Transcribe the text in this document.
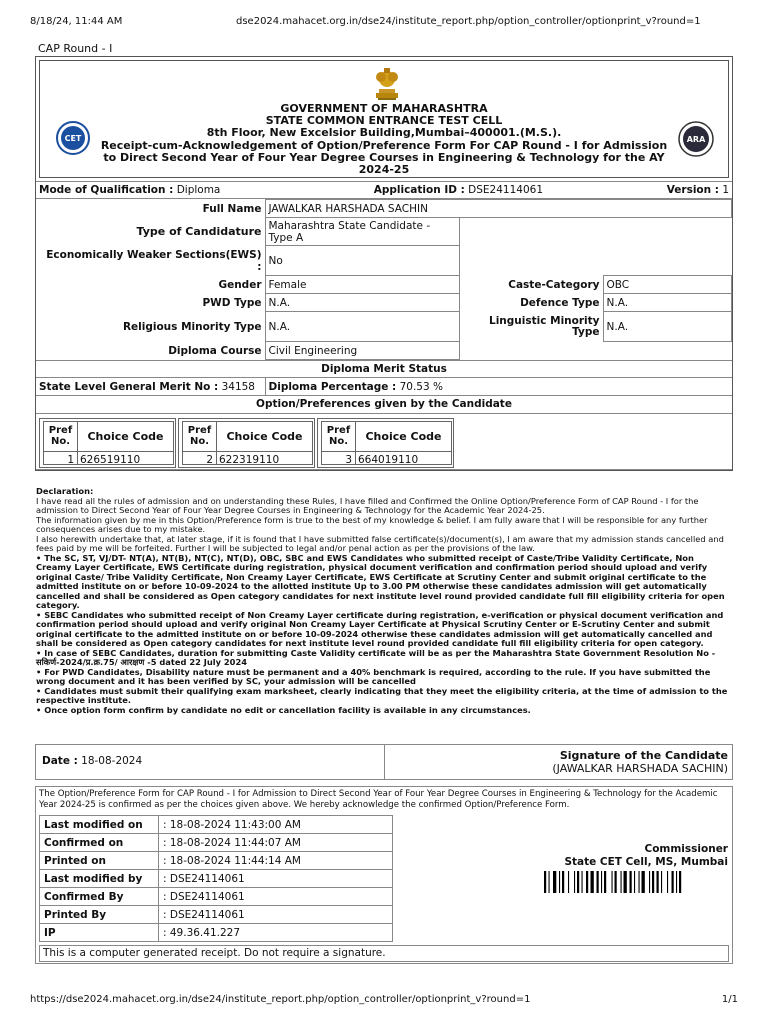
8/18/24, 11:44 AM	dse2024.mahacet.org.in/dse24/institute_report.php/option_controller/optionprint_v?round=1
CAP Round - I
CET	ARA
GOVERNMENT OF MAHARASHTRA
STATE COMMON ENTRANCE TEST CELL
8th Floor, New Excelsior Building,Mumbai–400001.(M.S.).
Receipt-cum-Acknowledgement of Option/Preference Form For CAP Round - I for Admission to Direct Second Year of Four Year Degree Courses in Engineering & Technology for the AY 2024-25
Mode of Qualification : Diploma	Application ID : DSE24114061	Version : 1
Full Name	JAWALKAR HARSHADA SACHIN		
Type of Candidature	Maharashtra State Candidate - Type A		
Economically Weaker Sections(EWS) :	No		
Gender	Female	Caste-Category	OBC
PWD Type	N.A.	Defence Type	N.A.
Religious Minority Type	N.A.	Linguistic Minority Type	N.A.
Diploma Course	Civil Engineering		
Diploma Merit Status
State Level General Merit No : 34158	Diploma Percentage : 70.53 %
Option/Preferences given by the Candidate
Pref No.	Choice Code
1 626519110
Pref No.	Choice Code
2 622319110
Pref No.	Choice Code
3 664019110

Declaration:

I have read all the rules of admission and on understanding these Rules, I have filled and Confirmed the Online Option/Preference Form of CAP Round - I for the admission to Direct Second Year of Four Year Degree Courses in Engineering & Technology for the Academic Year 2024-25.

The information given by me in this Option/Preference form is true to the best of my knowledge & belief. I am fully aware that I will be responsible for any further consequences arises due to my mistake.

I also herewith undertake that, at later stage, if it is found that I have submitted false certificate(s)/document(s), I am aware that my admission stands cancelled and fees paid by me will be forfeited. Further I will be subjected to legal and/or penal action as per the provisions of the law.

• The SC, ST, VJ/DT- NT(A), NT(B), NT(C), NT(D), OBC, SBC and EWS Candidates who submitted receipt of Caste/Tribe Validity Certificate, Non Creamy Layer Certificate, EWS Certificate during registration, physical document verification and confirmation period should upload and verify original Caste/ Tribe Validity Certificate, Non Creamy Layer Certificate, EWS Certificate at Scrutiny Center and submit original certificate to the admitted institute on or before 10-09-2024 to the allotted institute Up to 3.00 PM otherwise these candidates admission will get automatically cancelled and shall be considered as Open category candidates for next institute level round provided candidate full fill eligibility criteria for open category.

• SEBC Candidates who submitted receipt of Non Creamy Layer certificate during registration, e-verification or physical document verification and confirmation period should upload and verify original Non Creamy Layer Certificate at Physical Scrutiny Center or E-Scrutiny Center and submit original certificate to the admitted institute on or before 10-09-2024 otherwise these candidates admission will get automatically cancelled and shall be considered as Open category candidates for next institute level round provided candidate full fill eligibility criteria for open category.

• In case of SEBC Candidates, duration for submitting Caste Validity certificate will be as per the Maharashtra State Government Resolution No - सकिर्ण-2024/प्र.क्र.75/ आरक्षण -5 dated 22 July 2024

• For PWD Candidates, Disability nature must be permanent and a 40% benchmark is required, according to the rule. If you have submitted the wrong document and it has been verified by SC, your admission will be cancelled

• Candidates must submit their qualifying exam marksheet, clearly indicating that they meet the eligibility criteria, at the time of admission to the respective institute.

• Once option form confirm by candidate no edit or cancellation facility is available in any circumstances.

Date : 18-08-2024	Signature of the Candidate
(JAWALKAR HARSHADA SACHIN)
The Option/Preference Form for CAP Round - I for Admission to Direct Second Year of Four Year Degree Courses in Engineering & Technology for the Academic Year 2024-25 is confirmed as per the choices given above. We hereby acknowledge the confirmed Option/Preference Form.
Last modified on	: 18-08-2024 11:43:00 AM
Confirmed on	: 18-08-2024 11:44:07 AM
Printed on	: 18-08-2024 11:44:14 AM
Last modified by	: DSE24114061
Confirmed By	: DSE24114061
Printed By	: DSE24114061
IP	: 49.36.41.227
Commissioner
State CET Cell, MS, Mumbai
This is a computer generated receipt. Do not require a signature.
https://dse2024.mahacet.org.in/dse24/institute_report.php/option_controller/optionprint_v?round=1	1/1
